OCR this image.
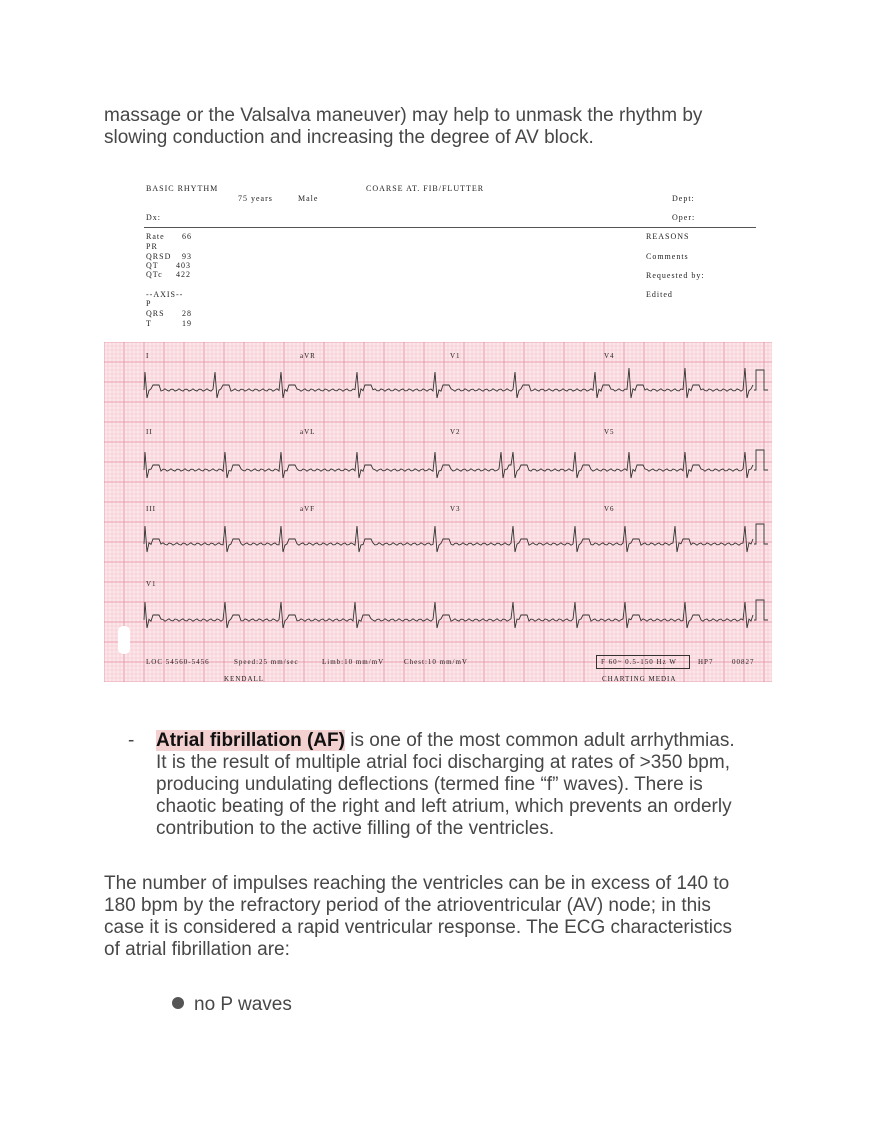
massage or the Valsalva maneuver) may help to unmask the rhythm by slowing conduction and increasing the degree of AV block.

BASIC RHYTHM	COARSE AT. FIB/FLUTTER
75 years	Male	Dept:
Dx:	Oper:
Rate 66
PR
QRSD 93
QT 403
QTc 422
--AXIS--
P
QRS 28
T	19
REASONS
Comments
Requested by:
Edited
I	aVR	V1	V4
II	aVL	V2	V5
III	aVF	V3	V6
V1
LOC 54560-5456	Speed:25 mm/sec	Limb:10 mm/mV	Chest:10 mm/mV	F 60~ 0.5-150 Hz W	HP7	00827
KENDALL	CHARTING MEDIA
- Atrial fibrillation (AF) is one of the most common adult arrhythmias. It is the result of multiple atrial foci discharging at rates of >350 bpm, producing undulating deflections (termed fine “f” waves). There is chaotic beating of the right and left atrium, which prevents an orderly contribution to the active filling of the ventricles.

The number of impulses reaching the ventricles can be in excess of 140 to 180 bpm by the refractory period of the atrioventricular (AV) node; in this case it is considered a rapid ventricular response. The ECG characteristics of atrial fibrillation are:

no P waves
